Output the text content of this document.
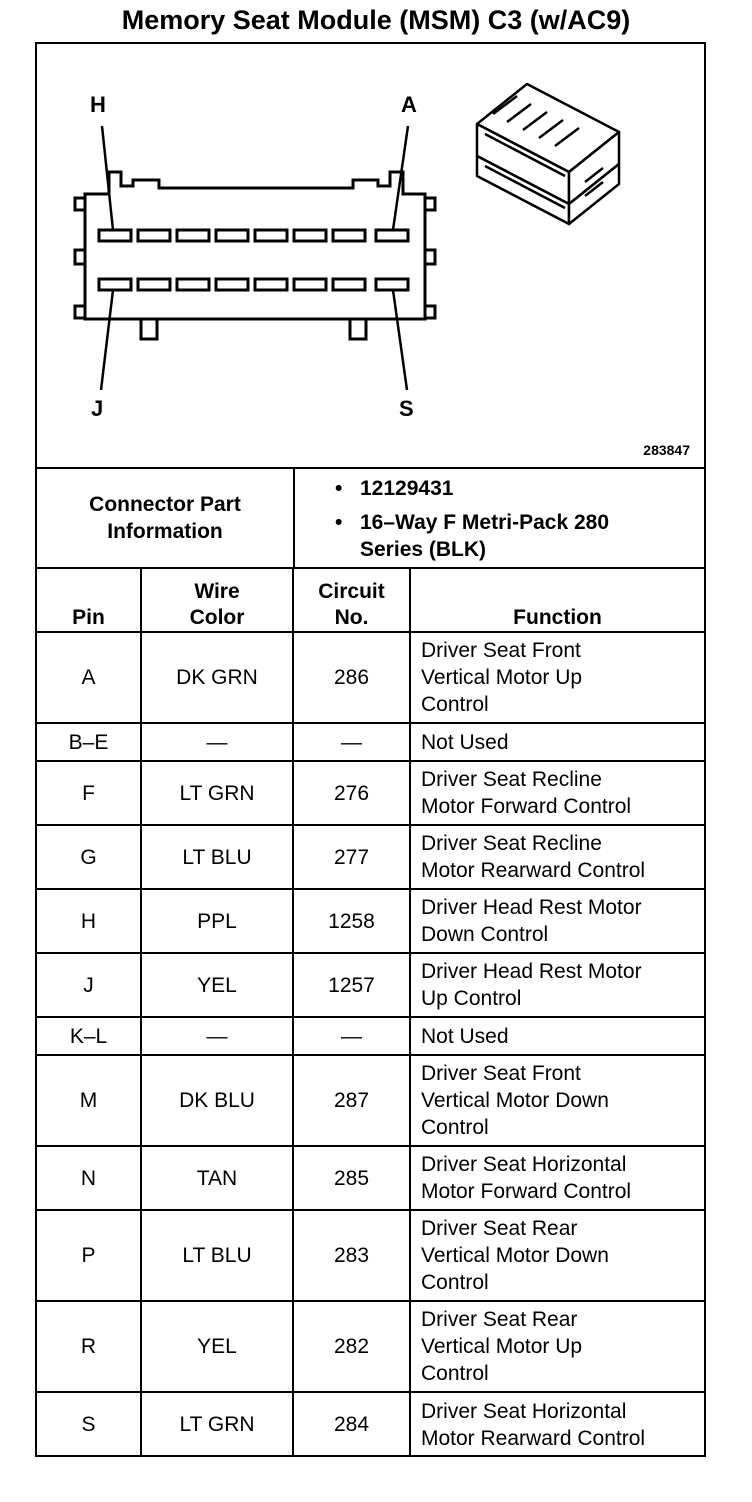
Memory Seat Module (MSM) C3 (w/AC9)
H	A
J	S
283847
Connector Part Information
• 12129431
• 16–Way F Metri-Pack 280 Series (BLK)
Pin	Wire Color	Circuit No.	Function
A	DK GRN	286	Driver Seat Front
Vertical Motor Up
Control
B–E	—	—	Not Used
F	LT GRN	276	Driver Seat Recline
Motor Forward Control
G	LT BLU	277	Driver Seat Recline
Motor Rearward Control
H	PPL	1258	Driver Head Rest Motor
Down Control
J	YEL	1257	Driver Head Rest Motor
Up Control
K–L	—	—	Not Used
M	DK BLU	287	Driver Seat Front
Vertical Motor Down
Control
N	TAN	285	Driver Seat Horizontal
Motor Forward Control
P	LT BLU	283	Driver Seat Rear
Vertical Motor Down
Control
R	YEL	282	Driver Seat Rear
Vertical Motor Up
Control
S	LT GRN	284	Driver Seat Horizontal
Motor Rearward Control
